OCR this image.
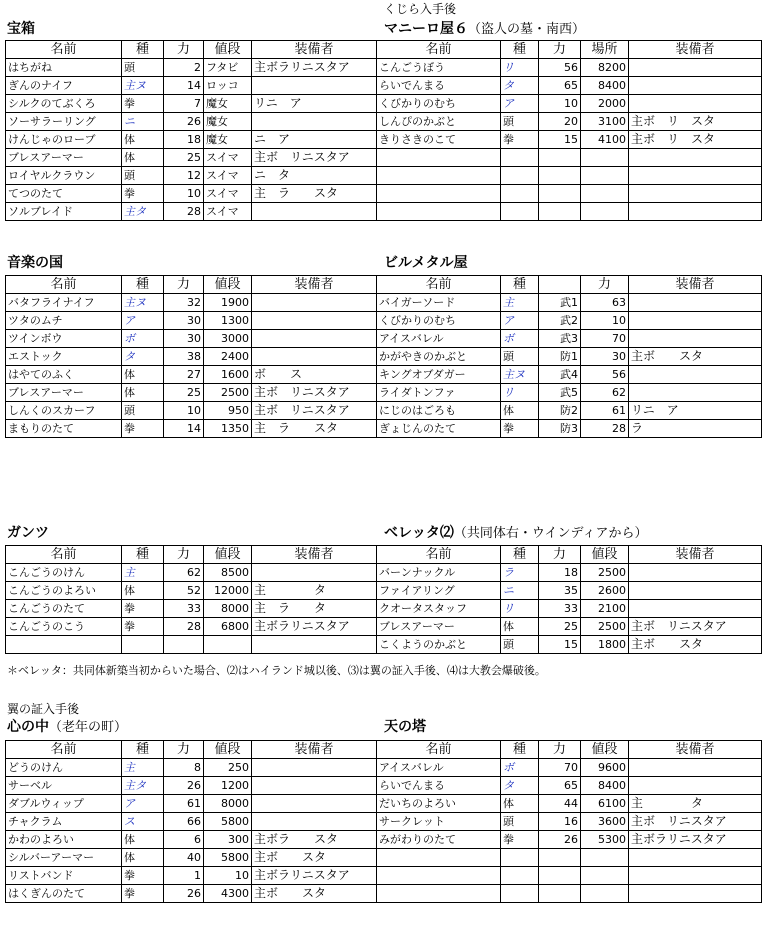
くじら入手後
宝箱
名前	種	力	値段	装備者
はちがね	頭	2	フタビ	主ボラリニスタア
ぎんのナイフ	主ヌ	14	ロッコ	
シルクのてぶくろ	拳	7	魔女	リニ　ア
ソーサラーリング	ニ	26	魔女	
けんじゃのローブ	体	18	魔女	ニ　ア
ブレスアーマー	体	25	スイマ	主ボ　リニスタア
ロイヤルクラウン	頭	12	スイマ	ニ　タ
てつのたて	拳	10	スイマ	主　ラ　　スタ
ソルブレイド	主タ	28	スイマ	
マニーロ屋６（盗人の墓・南西）
名前	種	力	場所	装備者
こんごうぼう	リ	56	8200	
らいでんまる	タ	65	8400	
くびかりのむち	ア	10	2000	
しんぴのかぶと	頭	20	3100	主ボ　リ　スタ
きりさきのこて	拳	15	4100	主ボ　リ　スタ

音楽の国
名前	種	力	値段	装備者
バタフライナイフ	主ヌ	32	1900	
ツタのムチ	ア	30	1300	
ツインボウ	ボ	30	3000	
エストック	タ	38	2400	
はやてのふく	体	27	1600	ボ　　ス
ブレスアーマー	体	25	2500	主ボ　リニスタア
しんくのスカーフ	頭	10	950	主ボ　リニスタア
まもりのたて	拳	14	1350	主　ラ　　スタ
ビルメタル屋
名前	種		力	装備者
バイガーソード	主	武1	63	
くびかりのむち	ア	武2	10	
アイスバレル	ボ	武3	70	
かがやきのかぶと	頭	防1	30	主ボ　　スタ
キングオブダガー	主ヌ	武4	56	
ライダトンファ	リ	武5	62	
にじのはごろも	体	防2	61	リニ　ア
ぎょじんのたて	拳	防3	28	ラ
ガンツ
名前	種	力	値段	装備者
こんごうのけん	主	62	8500	
こんごうのよろい	体	52	12000	主　　　　タ
こんごうのたて	拳	33	8000	主　ラ　　タ
こんごうのこう	拳	28	6800	主ボラリニスタア

ベレッタ⑵（共同体右・ウインディアから）
名前	種	力	値段	装備者
バーンナックル	ラ	18	2500	
ファイアリング	ニ	35	2600	
クオータスタッフ	リ	33	2100	
ブレスアーマー	体	25	2500	主ボ　リニスタア
こくようのかぶと	頭	15	1800	主ボ　　スタ
＊ベレッタ：共同体新築当初からいた場合、⑵はハイランド城以後、⑶は翼の証入手後、⑷は大教会爆破後。
翼の証入手後
心の中（老年の町）
名前	種	力	値段	装備者
どうのけん	主	8	250	
サーベル	主タ	26	1200	
ダブルウィップ	ア	61	8000	
チャクラム	ス	66	5800	
かわのよろい	体	6	300	主ボラ　　スタ
シルバーアーマー	体	40	5800	主ボ　　スタ
リストバンド	拳	1	10	主ボラリニスタア
はくぎんのたて	拳	26	4300	主ボ　　スタ
天の塔
名前	種	力	値段	装備者
アイスバレル	ボ	70	9600	
らいでんまる	タ	65	8400	
だいちのよろい	体	44	6100	主　　　　タ
サークレット	頭	16	3600	主ボ　リニスタア
みがわりのたて	拳	26	5300	主ボラリニスタア
